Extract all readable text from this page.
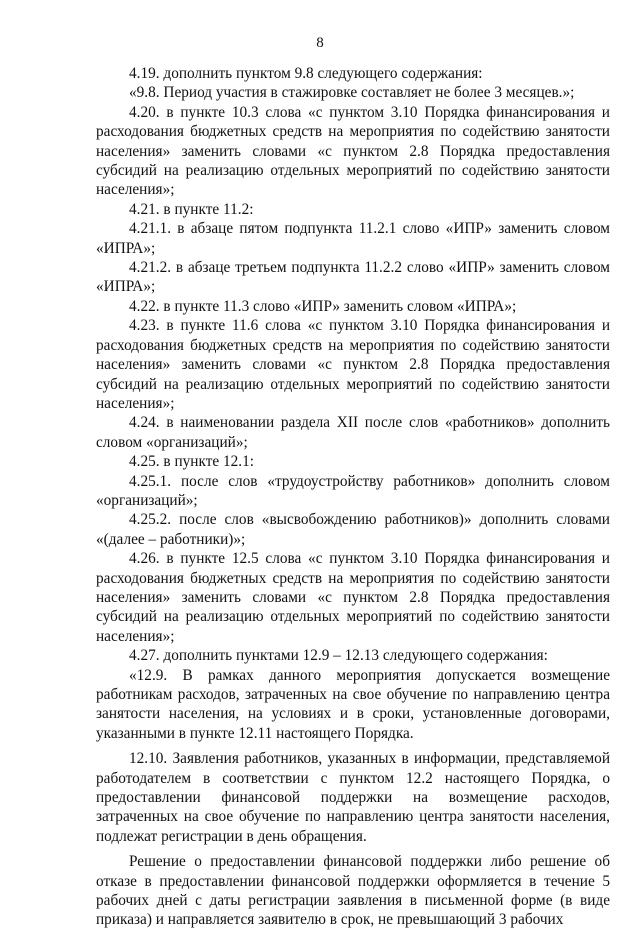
8

4.19. дополнить пунктом 9.8 следующего содержания:

«9.8. Период участия в стажировке составляет не более 3 месяцев.»;

4.20. в пункте 10.3 слова «с пунктом 3.10 Порядка финансирования и расходования бюджетных средств на мероприятия по содействию занятости населения» заменить словами «с пунктом 2.8 Порядка предоставления субсидий на реализацию отдельных мероприятий по содействию занятости населения»;

4.21. в пункте 11.2:

4.21.1. в абзаце пятом подпункта 11.2.1 слово «ИПР» заменить словом «ИПРА»;

4.21.2. в абзаце третьем подпункта 11.2.2 слово «ИПР» заменить словом «ИПРА»;

4.22. в пункте 11.3 слово «ИПР» заменить словом «ИПРА»;

4.23. в пункте 11.6 слова «с пунктом 3.10 Порядка финансирования и расходования бюджетных средств на мероприятия по содействию занятости населения» заменить словами «с пунктом 2.8 Порядка предоставления субсидий на реализацию отдельных мероприятий по содействию занятости населения»;

4.24. в наименовании раздела XII после слов «работников» дополнить словом «организаций»;

4.25. в пункте 12.1:

4.25.1. после слов «трудоустройству работников» дополнить словом «организаций»;

4.25.2. после слов «высвобождению работников)» дополнить словами «(далее – работники)»;

4.26. в пункте 12.5 слова «с пунктом 3.10 Порядка финансирования и расходования бюджетных средств на мероприятия по содействию занятости населения» заменить словами «с пунктом 2.8 Порядка предоставления субсидий на реализацию отдельных мероприятий по содействию занятости населения»;

4.27. дополнить пунктами 12.9 – 12.13 следующего содержания:

«12.9. В рамках данного мероприятия допускается возмещение работникам расходов, затраченных на свое обучение по направлению центра занятости населения, на условиях и в сроки, установленные договорами, указанными в пункте 12.11 настоящего Порядка.

12.10. Заявления работников, указанных в информации, представляемой работодателем в соответствии с пунктом 12.2 настоящего Порядка, о предоставлении финансовой поддержки на возмещение расходов, затраченных на свое обучение по направлению центра занятости населения, подлежат регистрации в день обращения.

Решение о предоставлении финансовой поддержки либо решение об отказе в предоставлении финансовой поддержки оформляется в течение 5 рабочих дней с даты регистрации заявления в письменной форме (в виде приказа) и направляется заявителю в срок, не превышающий 3 рабочих
